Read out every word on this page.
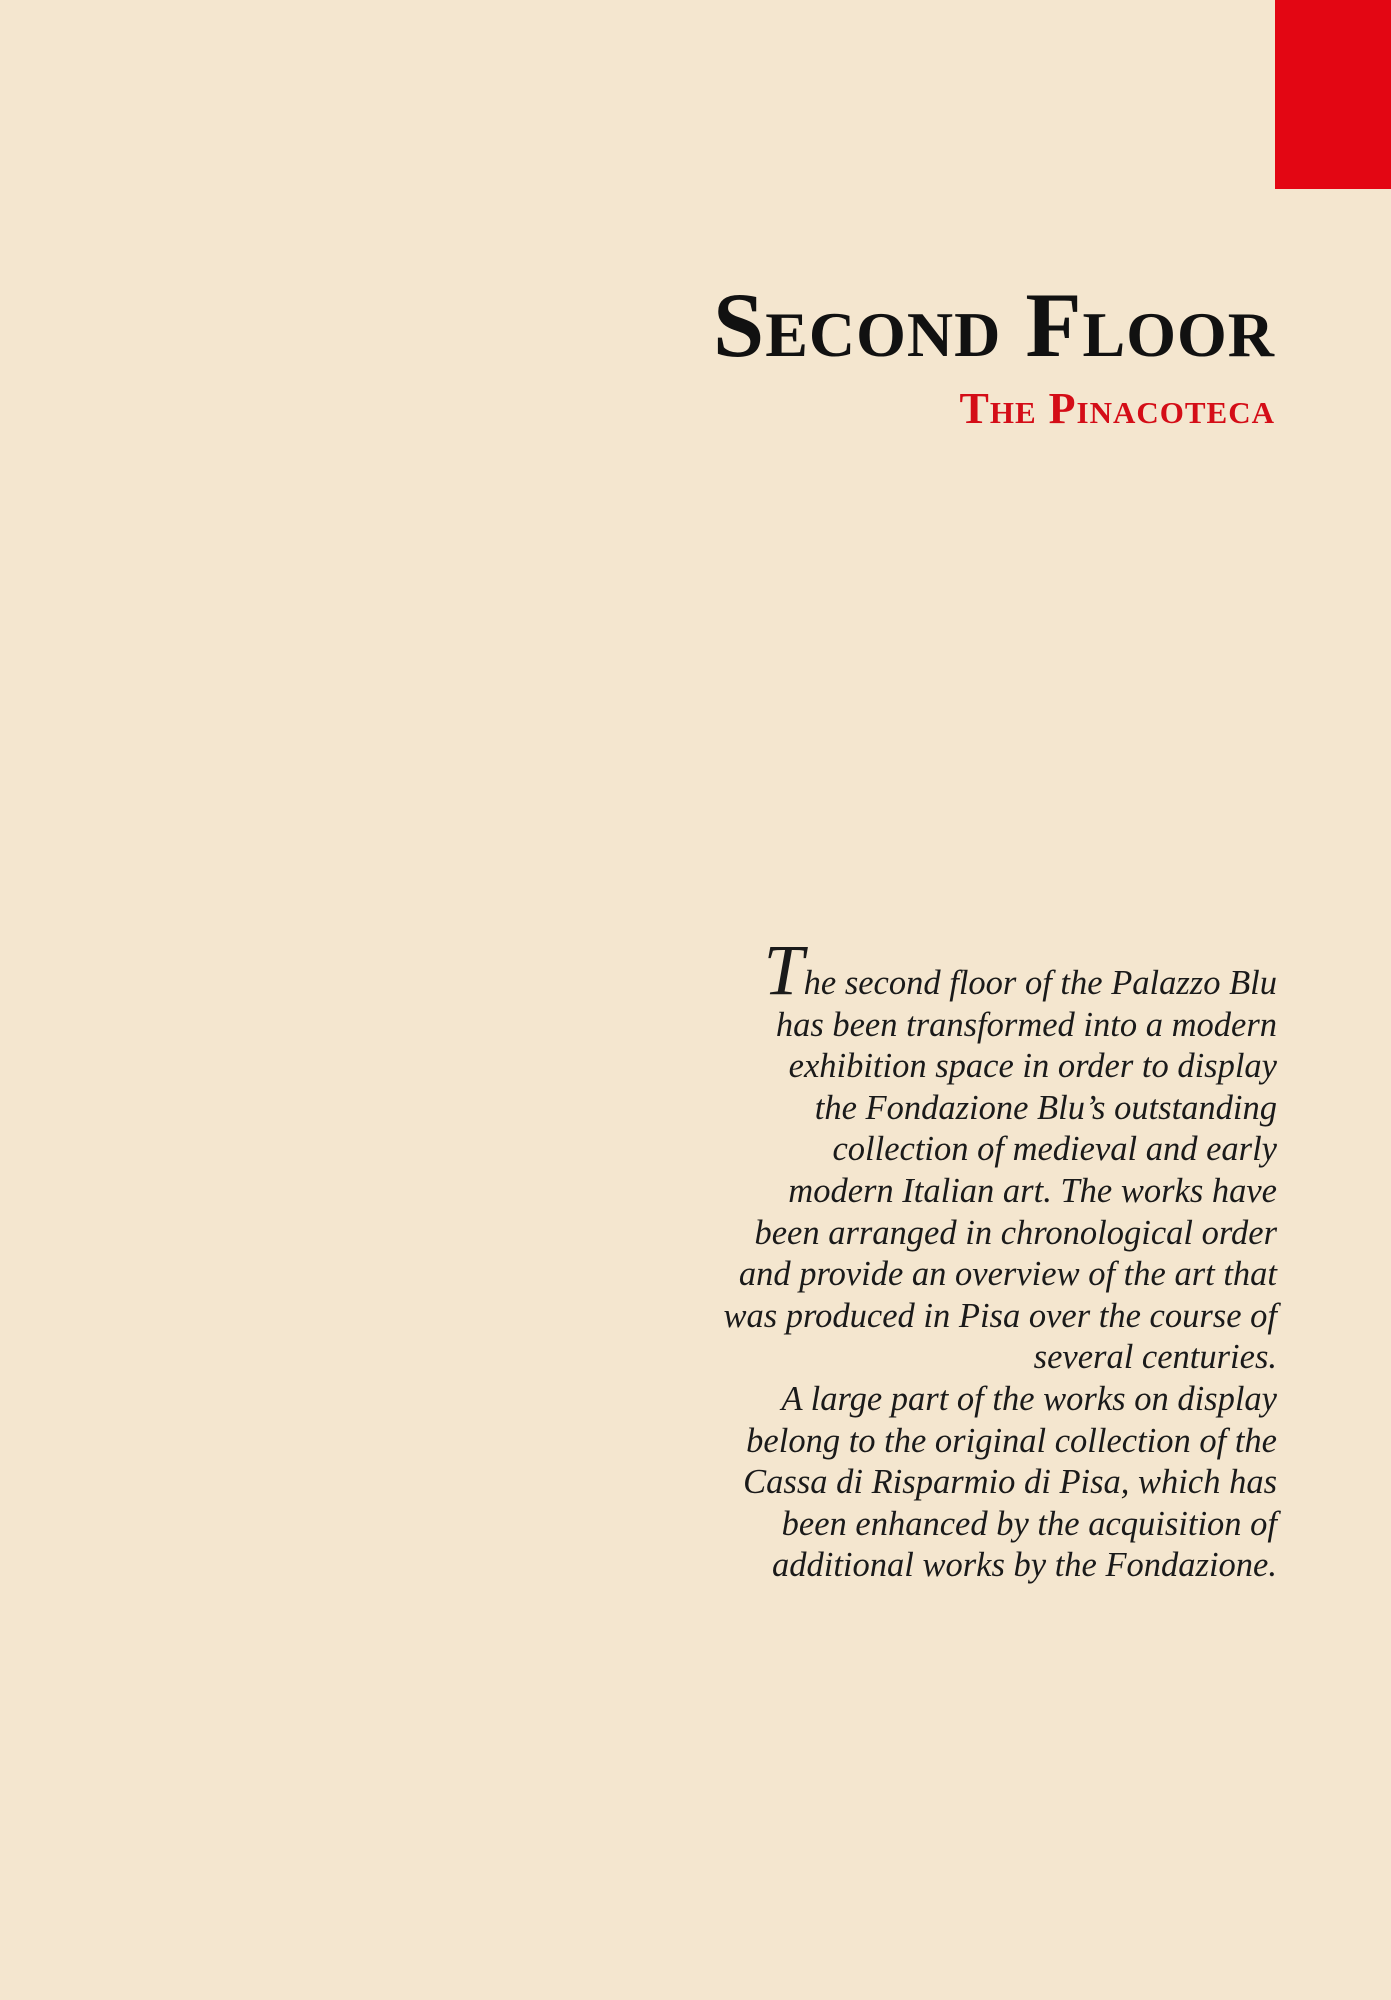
Second Floor
The Pinacoteca
The second floor of the Palazzo Blu
has been transformed into a modern
exhibition space in order to display
the Fondazione Blu’s outstanding
collection of medieval and early
modern Italian art. The works have
been arranged in chronological order
and provide an overview of the art that
was produced in Pisa over the course of
several centuries.
A large part of the works on display
belong to the original collection of the
Cassa di Risparmio di Pisa, which has
been enhanced by the acquisition of
additional works by the Fondazione.
